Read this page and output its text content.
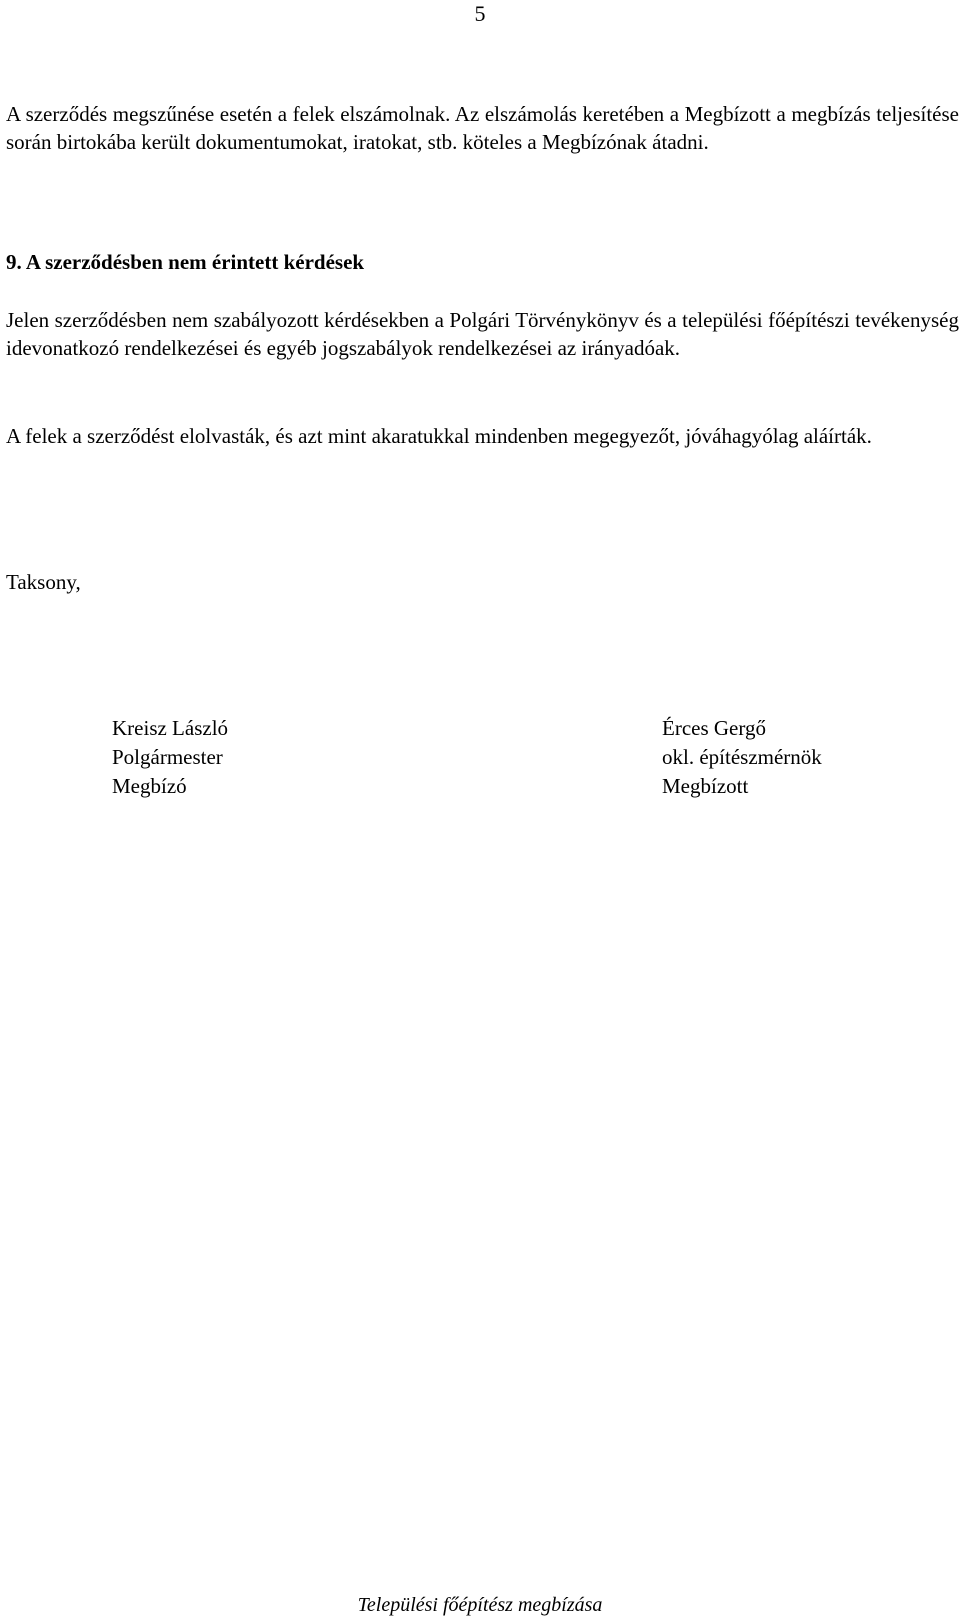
5

A szerződés megszűnése esetén a felek elszámolnak. Az elszámolás keretében a Megbízott a megbízás teljesítése során birtokába került dokumentumokat, iratokat, stb. köteles a Megbízónak átadni.

9. A szerződésben nem érintett kérdések

Jelen szerződésben nem szabályozott kérdésekben a Polgári Törvénykönyv és a települési főépítészi tevékenység idevonatkozó rendelkezései és egyéb jogszabályok rendelkezései az irányadóak.

A felek a szerződést elolvasták, és azt mint akaratukkal mindenben megegyezőt, jóváhagyólag aláírták.

Taksony,

Kreisz László
Polgármester
Megbízó
Érces Gergő
okl. építészmérnök
Megbízott
Települési főépítész megbízása
